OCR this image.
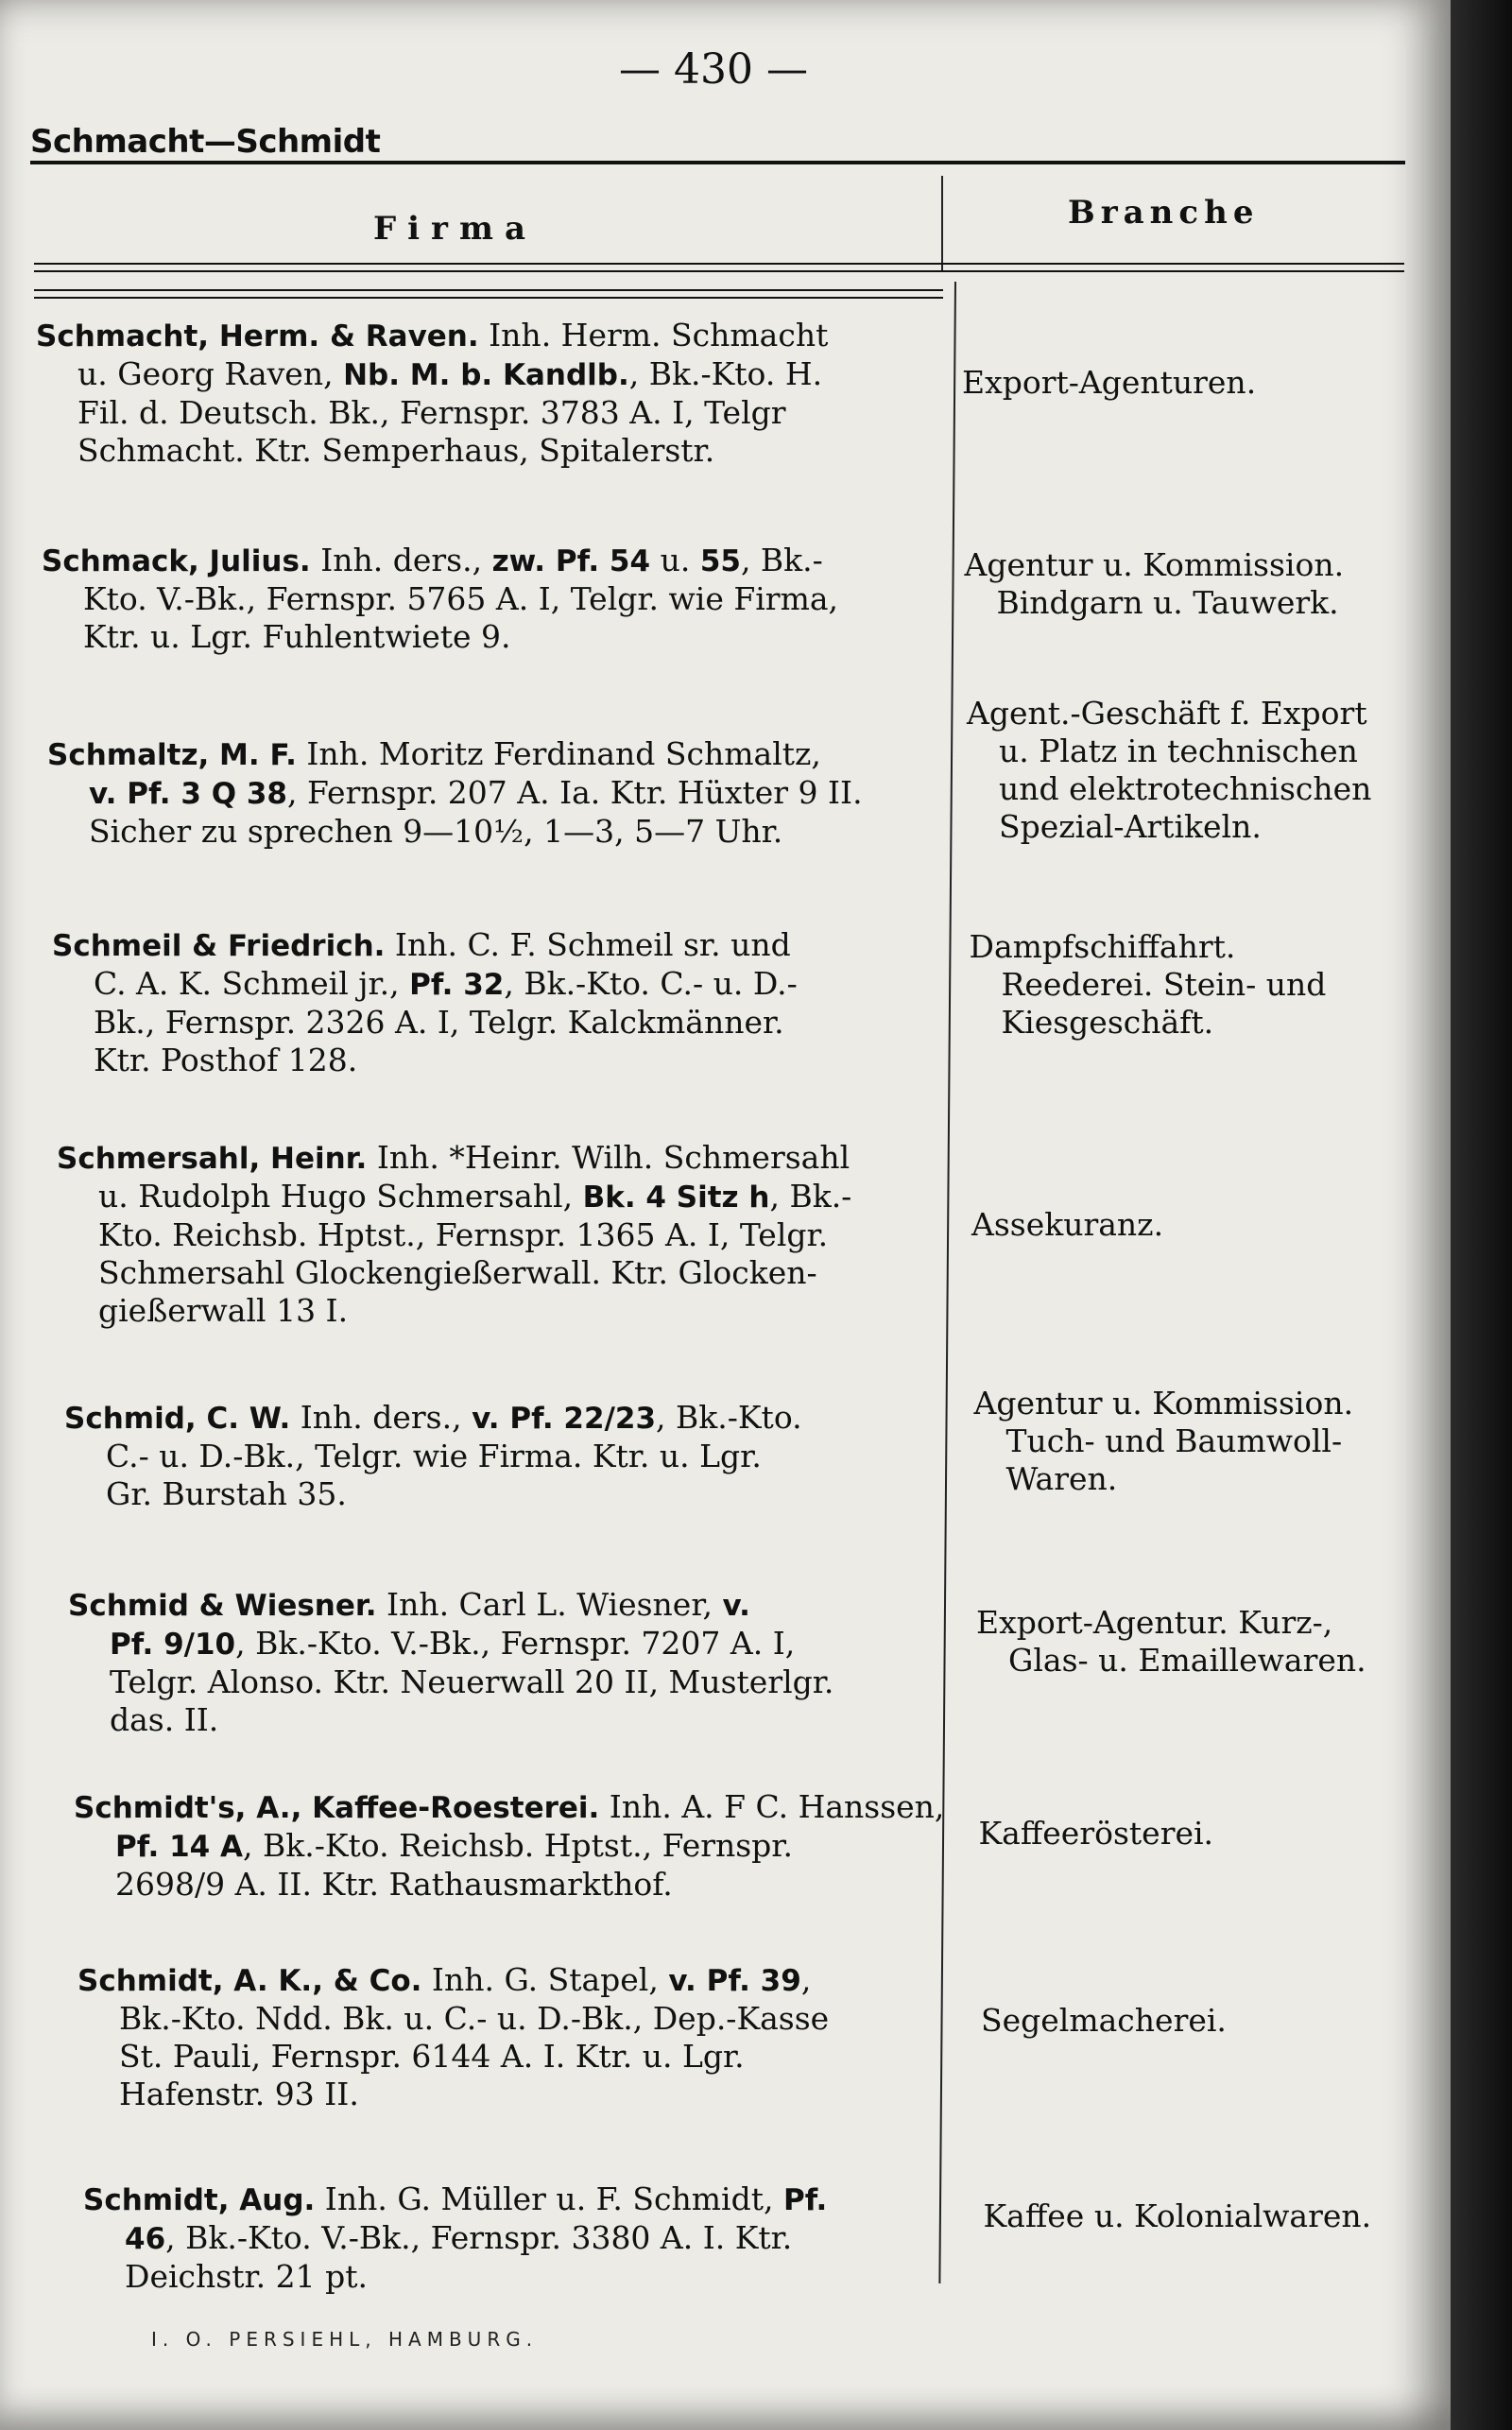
— 430 —
Schmacht—Schmidt
Firma	Branche
Schmacht, Herm. & Raven. Inh. Herm. Schmacht
u. Georg Raven, Nb. M. b. Kandlb., Bk.-Kto. H.
Fil. d. Deutsch. Bk., Fernspr. 3783 A. I, Telgr
Schmacht. Ktr. Semperhaus, Spitalerstr.
Export-Agenturen.
Schmack, Julius. Inh. ders., zw. Pf. 54 u. 55, Bk.-
Kto. V.-Bk., Fernspr. 5765 A. I, Telgr. wie Firma,
Ktr. u. Lgr. Fuhlentwiete 9.
Agentur u. Kommission.
Bindgarn u. Tauwerk.
Schmaltz, M. F. Inh. Moritz Ferdinand Schmaltz,
v. Pf. 3 Q 38, Fernspr. 207 A. Ia. Ktr. Hüxter 9 II.
Sicher zu sprechen 9—10½, 1—3, 5—7 Uhr.
Agent.-Geschäft f. Export
u. Platz in technischen
und elektrotechnischen
Spezial-Artikeln.
Schmeil & Friedrich. Inh. C. F. Schmeil sr. und
C. A. K. Schmeil jr., Pf. 32, Bk.-Kto. C.- u. D.-
Bk., Fernspr. 2326 A. I, Telgr. Kalckmänner.
Ktr. Posthof 128.
Dampfschiffahrt.
Reederei. Stein- und
Kiesgeschäft.
Schmersahl, Heinr. Inh. *Heinr. Wilh. Schmersahl
u. Rudolph Hugo Schmersahl, Bk. 4 Sitz h, Bk.-
Kto. Reichsb. Hptst., Fernspr. 1365 A. I, Telgr.
Schmersahl Glockengießerwall. Ktr. Glocken-
gießerwall 13 I.
Assekuranz.
Schmid, C. W. Inh. ders., v. Pf. 22/23, Bk.-Kto.
C.- u. D.-Bk., Telgr. wie Firma. Ktr. u. Lgr.
Gr. Burstah 35.
Agentur u. Kommission.
Tuch- und Baumwoll-
Waren.
Schmid & Wiesner. Inh. Carl L. Wiesner, v.
Pf. 9/10, Bk.-Kto. V.-Bk., Fernspr. 7207 A. I,
Telgr. Alonso. Ktr. Neuerwall 20 II, Musterlgr.
das. II.
Export-Agentur. Kurz-,
Glas- u. Emaillewaren.
Schmidt's, A., Kaffee-Roesterei. Inh. A. F C. Hanssen,
Pf. 14 A, Bk.-Kto. Reichsb. Hptst., Fernspr.
2698/9 A. II. Ktr. Rathausmarkthof.
Kaffeerösterei.
Schmidt, A. K., & Co. Inh. G. Stapel, v. Pf. 39,
Bk.-Kto. Ndd. Bk. u. C.- u. D.-Bk., Dep.-Kasse
St. Pauli, Fernspr. 6144 A. I. Ktr. u. Lgr.
Hafenstr. 93 II.
Segelmacherei.
Schmidt, Aug. Inh. G. Müller u. F. Schmidt, Pf.
46, Bk.-Kto. V.-Bk., Fernspr. 3380 A. I. Ktr.
Deichstr. 21 pt.
Kaffee u. Kolonialwaren.
I. O. PERSIEHL, HAMBURG.
